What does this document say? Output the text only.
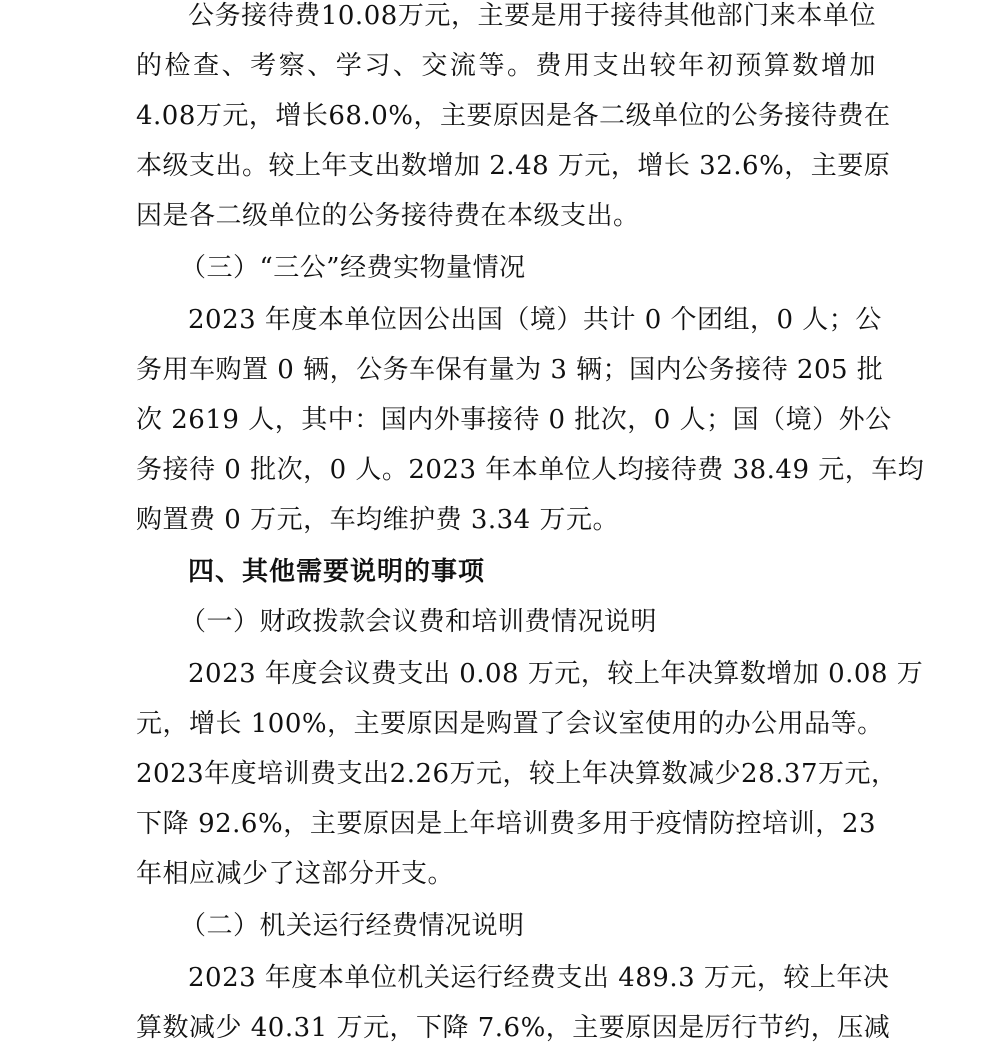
公务接待费10.08万元，主要是用于接待其他部门来本单位
的检查、考察、学习、交流等。费用支出较年初预算数增加
4.08万元，增长68.0%，主要原因是各二级单位的公务接待费在
本级支出。较上年支出数增加 2.48 万元，增长 32.6%，主要原
因是各二级单位的公务接待费在本级支出。
（三）“三公”经费实物量情况
2023 年度本单位因公出国（境）共计 0 个团组，0 人；公
务用车购置 0 辆，公务车保有量为 3 辆；国内公务接待 205 批
次 2619 人，其中：国内外事接待 0 批次，0 人；国（境）外公
务接待 0 批次，0 人。2023 年本单位人均接待费 38.49 元，车均
购置费 0 万元，车均维护费 3.34 万元。
四、其他需要说明的事项
（一）财政拨款会议费和培训费情况说明
2023 年度会议费支出 0.08 万元，较上年决算数增加 0.08 万
元，增长 100%，主要原因是购置了会议室使用的办公用品等。
2023年度培训费支出2.26万元，较上年决算数减少28.37万元，
下降 92.6%，主要原因是上年培训费多用于疫情防控培训，23
年相应减少了这部分开支。
（二）机关运行经费情况说明
2023 年度本单位机关运行经费支出 489.3 万元，较上年决
算数减少 40.31 万元，下降 7.6%，主要原因是厉行节约，压减
